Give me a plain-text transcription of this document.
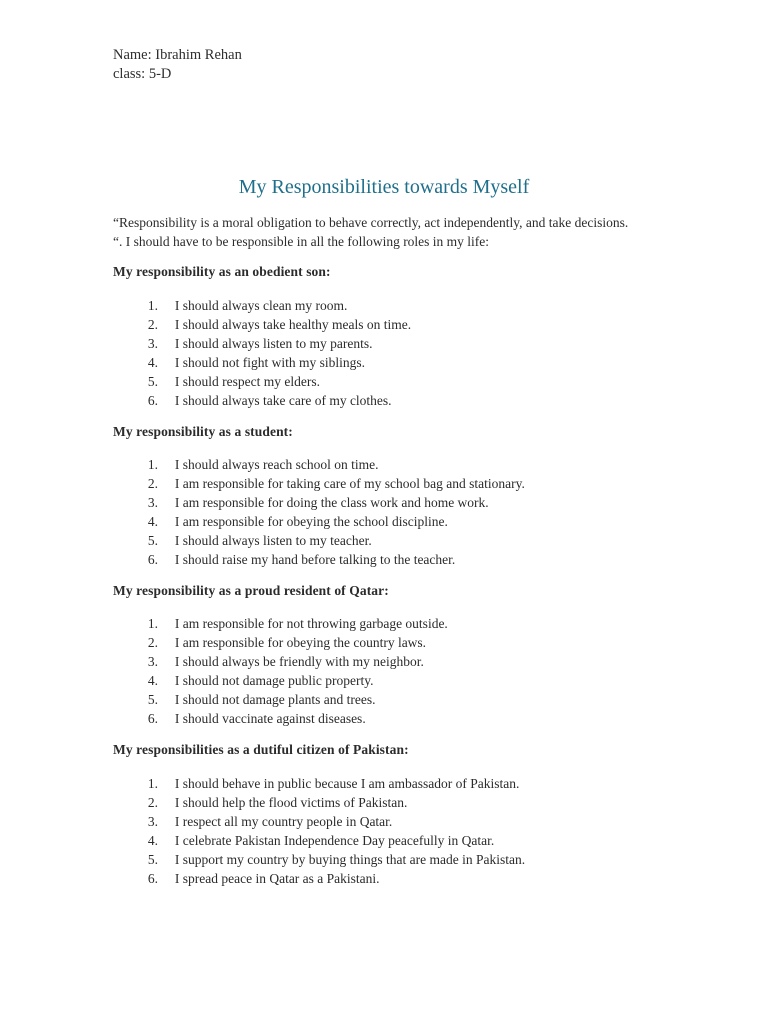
Name: Ibrahim Rehan
class: 5-D
My Responsibilities towards Myself

“Responsibility is a moral obligation to behave correctly, act independently, and take decisions. “. I should have to be responsible in all the following roles in my life:

My responsibility as an obedient son:

1. I should always clean my room.
2. I should always take healthy meals on time.
3. I should always listen to my parents.
4. I should not fight with my siblings.
5. I should respect my elders.
6. I should always take care of my clothes.

My responsibility as a student:

1. I should always reach school on time.
2. I am responsible for taking care of my school bag and stationary.
3. I am responsible for doing the class work and home work.
4. I am responsible for obeying the school discipline.
5. I should always listen to my teacher.
6. I should raise my hand before talking to the teacher.

My responsibility as a proud resident of Qatar:

1. I am responsible for not throwing garbage outside.
2. I am responsible for obeying the country laws.
3. I should always be friendly with my neighbor.
4. I should not damage public property.
5. I should not damage plants and trees.
6. I should vaccinate against diseases.

My responsibilities as a dutiful citizen of Pakistan:

1. I should behave in public because I am ambassador of Pakistan.
2. I should help the flood victims of Pakistan.
3. I respect all my country people in Qatar.
4. I celebrate Pakistan Independence Day peacefully in Qatar.
5. I support my country by buying things that are made in Pakistan.
6. I spread peace in Qatar as a Pakistani.
